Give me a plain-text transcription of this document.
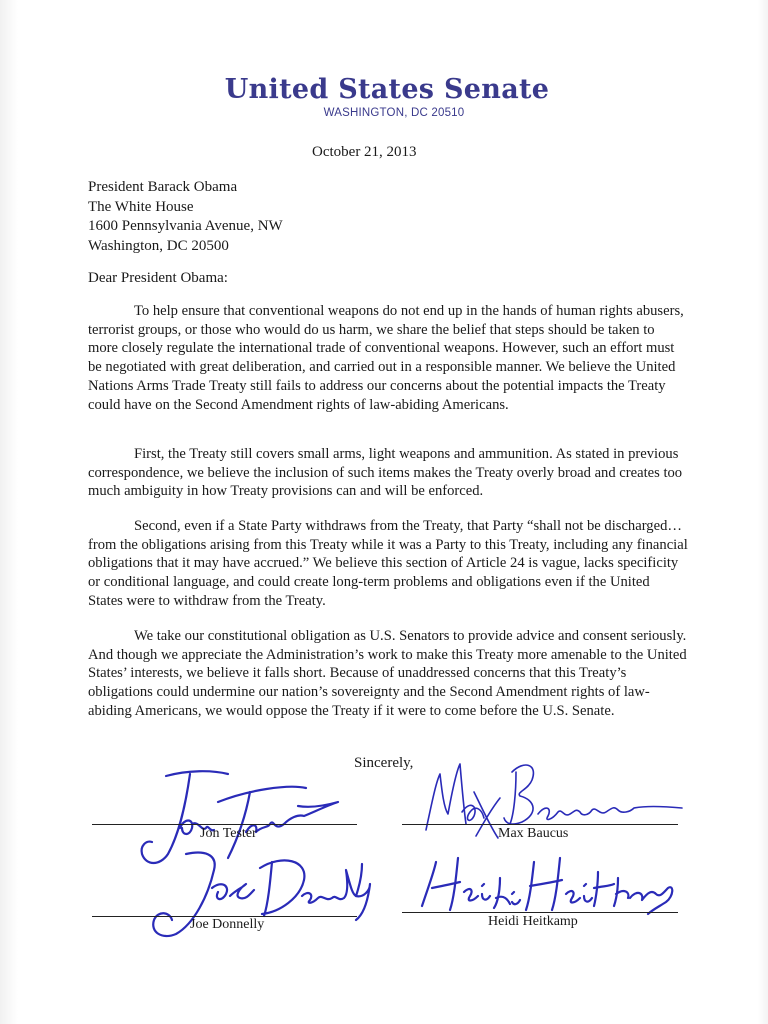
United States Senate
WASHINGTON, DC 20510
October 21, 2013
President Barack Obama
The White House
1600 Pennsylvania Avenue, NW
Washington, DC 20500
Dear President Obama:
To help ensure that conventional weapons do not end up in the hands of human rights abusers, terrorist groups, or those who would do us harm, we share the belief that steps should be taken to more closely regulate the international trade of conventional weapons. However, such an effort must be negotiated with great deliberation, and carried out in a responsible manner. We believe the United Nations Arms Trade Treaty still fails to address our concerns about the potential impacts the Treaty could have on the Second Amendment rights of law-abiding Americans.
First, the Treaty still covers small arms, light weapons and ammunition. As stated in previous correspondence, we believe the inclusion of such items makes the Treaty overly broad and creates too much ambiguity in how Treaty provisions can and will be enforced.
Second, even if a State Party withdraws from the Treaty, that Party “shall not be discharged… from the obligations arising from this Treaty while it was a Party to this Treaty, including any financial obligations that it may have accrued.” We believe this section of Article 24 is vague, lacks specificity or conditional language, and could create long-term problems and obligations even if the United States were to withdraw from the Treaty.
We take our constitutional obligation as U.S. Senators to provide advice and consent seriously. And though we appreciate the Administration’s work to make this Treaty more amenable to the United States’ interests, we believe it falls short. Because of unaddressed concerns that this Treaty’s obligations could undermine our nation’s sovereignty and the Second Amendment rights of law-abiding Americans, we would oppose the Treaty if it were to come before the U.S. Senate.
Sincerely,
Jon Tester	Max Baucus
Joe Donnelly	Heidi Heitkamp
